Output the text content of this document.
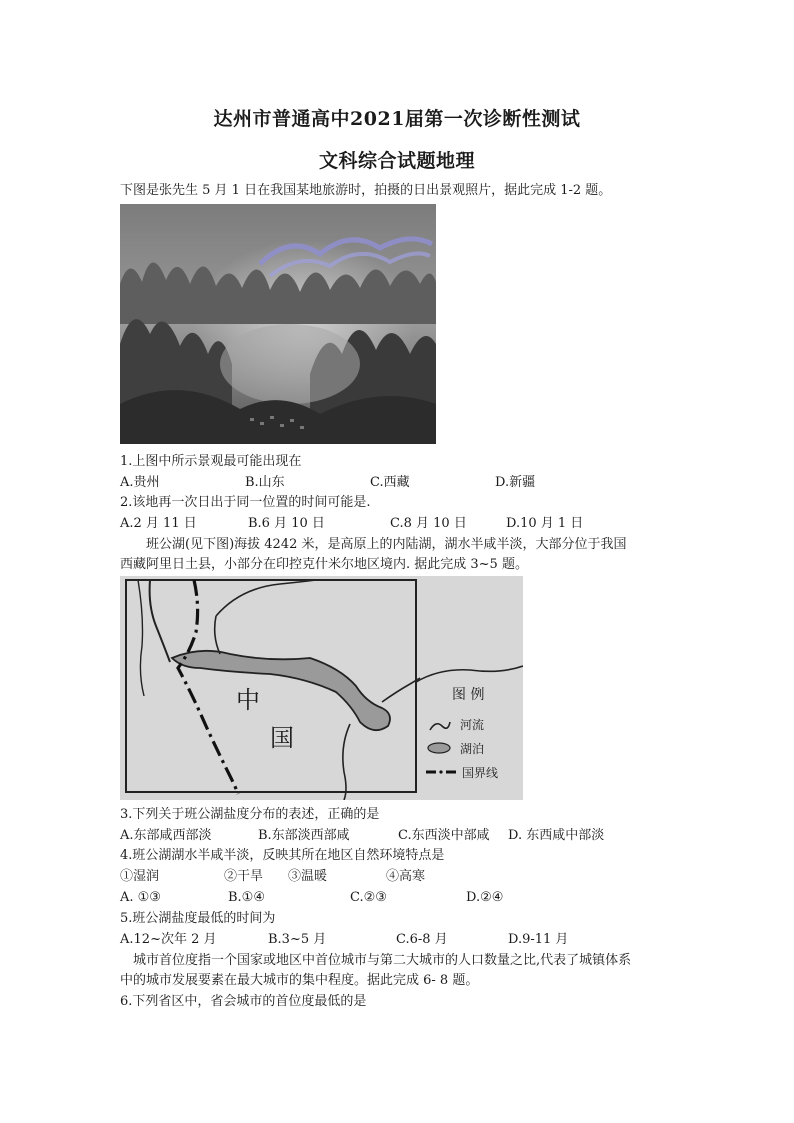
达州市普通高中2021届第一次诊断性测试
文科综合试题地理
下图是张先生 5 月 1 日在我国某地旅游时，拍摄的日出景观照片，据此完成 1-2 题。
1.上图中所示景观最可能出现在
A.贵州	B.山东	C.西藏	D.新疆
2.该地再一次日出于同一位置的时间可能是.
A.2 月 11 日	B.6 月 10 日	C.8 月 10 日	D.10 月 1 日
班公湖(见下图)海拔 4242 米，是高原上的内陆湖，湖水半咸半淡，大部分位于我国
西藏阿里日土县，小部分在印控克什米尔地区境内. 据此完成 3~5 题。
中
国
图 例
河流
湖泊
国界线
3.下列关于班公湖盐度分布的表述，正确的是
A.东部咸西部淡	B.东部淡西部咸	C.东西淡中部咸 D. 东西咸中部淡
4.班公湖湖水半咸半淡，反映其所在地区自然环境特点是
①湿润	②干旱 ③温暖	④高寒
A. ①③	B.①④	C.②③	D.②④
5.班公湖盐度最低的时间为
A.12~次年 2 月	B.3~5 月	C.6-8 月	D.9-11 月
城市首位度指一个国家或地区中首位城市与第二大城市的人口数量之比,代表了城镇体系
中的城市发展要素在最大城市的集中程度。据此完成 6- 8 题。
6.下列省区中，省会城市的首位度最低的是
